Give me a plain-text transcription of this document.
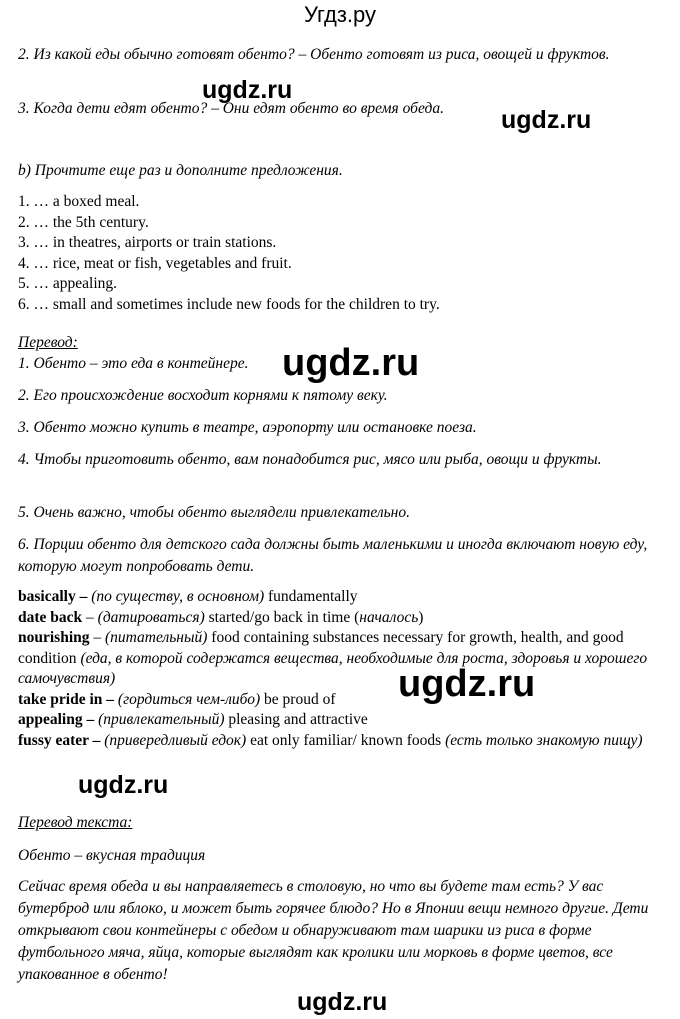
Угдз.ру
2. Из какой еды обычно готовят обенто? – Обенто готовят из риса, овощей и фруктов.
3. Когда дети едят обенто? – Они едят обенто во время обеда.
ugdz.ru
ugdz.ru
b) Прочтите еще раз и дополните предложения.
1. … a boxed meal.
2. … the 5th century.
3. … in theatres, airports or train stations.
4. … rice, meat or fish, vegetables and fruit.
5. … appealing.
6. … small and sometimes include new foods for the children to try.
Перевод:
1. Обенто – это еда в контейнере. ugdz.ru
2. Его происхождение восходит корнями к пятому веку.
3. Обенто можно купить в театре, аэропорту или остановке поеза.
4. Чтобы приготовить обенто, вам понадобится рис, мясо или рыба, овощи и фрукты.
5. Очень важно, чтобы обенто выглядели привлекательно.
6. Порции обенто для детского сада должны быть маленькими и иногда включают новую еду, которую могут попробовать дети.
basically – (по существу, в основном) fundamentally
date back – (датироваться) started/go back in time (началось)
nourishing – (питательный) food containing substances necessary for growth, health, and good condition (еда, в которой содержатся вещества, необходимые для роста, здоровья и хорошего самочувствия)
take pride in – (гордиться чем-либо) be proud of
appealing – (привлекательный) pleasing and attractive
fussy eater – (привередливый едок) eat only familiar/ known foods (есть только знакомую пищу)
ugdz.ru
ugdz.ru
Перевод текста:
Обенто – вкусная традиция
Сейчас время обеда и вы направляетесь в столовую, но что вы будете там есть? У вас бутерброд или яблоко, и может быть горячее блюдо? Но в Японии вещи немного другие. Дети открывают свои контейнеры с обедом и обнаруживают там шарики из риса в форме футбольного мяча, яйца, которые выглядят как кролики или морковь в форме цветов, все упакованное в обенто!
ugdz.ru
